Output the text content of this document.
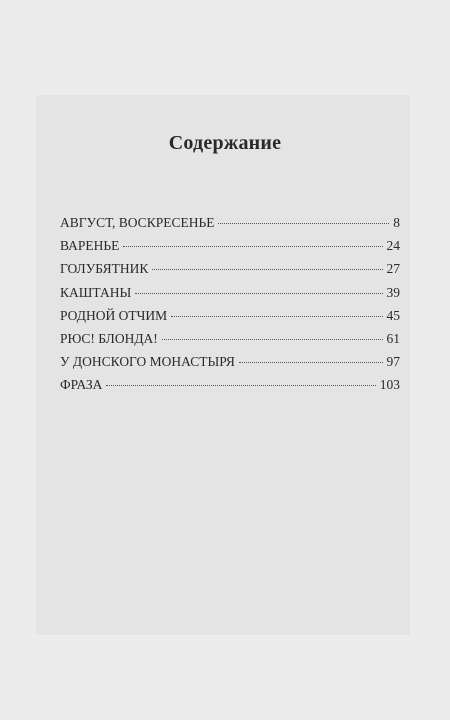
Содержание
АВГУСТ, ВОСКРЕСЕНЬЕ	8
ВАРЕНЬЕ	24
ГОЛУБЯТНИК	27
КАШТАНЫ	39
РОДНОЙ ОТЧИМ	45
РЮС! БЛОНДА!	61
У ДОНСКОГО МОНАСТЫРЯ	97
ФРАЗА	103
